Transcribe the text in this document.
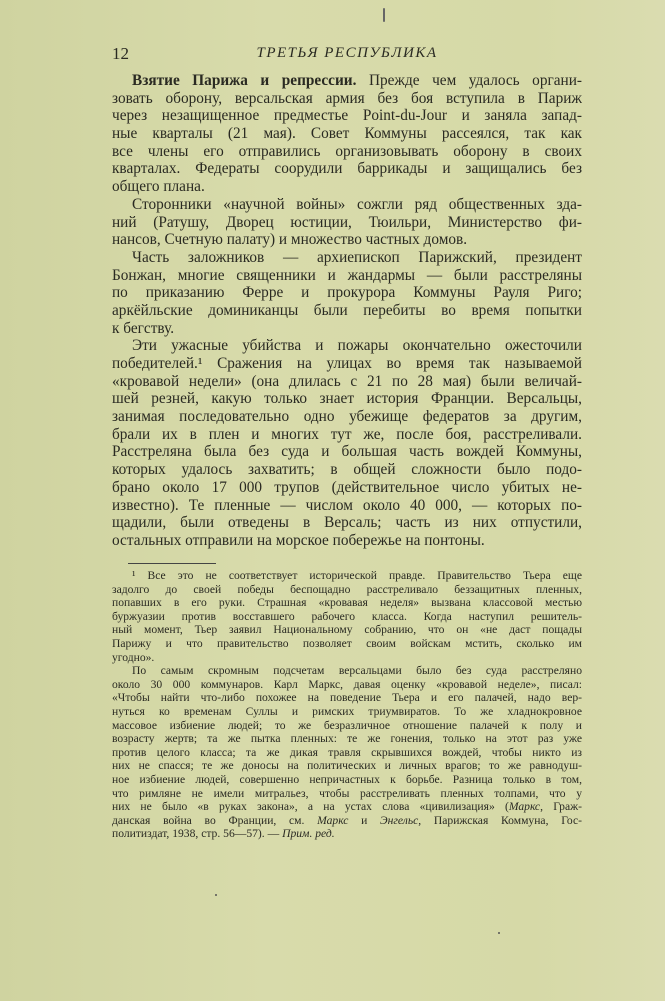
12	ТРЕТЬЯ РЕСПУБЛИКА
Взятие Парижа и репрессии. Прежде чем удалось органи-
зовать оборону, версальская армия без боя вступила в Париж
через незащищенное предместье Point-du-Jour и заняла запад-
ные кварталы (21 мая). Совет Коммуны рассеялся, так как
все члены его отправились организовывать оборону в своих
кварталах. Федераты соорудили баррикады и защищались без
общего плана.
Сторонники «научной войны» сожгли ряд общественных зда-
ний (Ратушу, Дворец юстиции, Тюильри, Министерство фи-
нансов, Счетную палату) и множество частных домов.
Часть заложников — архиепископ Парижский, президент
Бонжан, многие священники и жандармы — были расстреляны
по приказанию Ферре и прокурора Коммуны Рауля Риго;
аркёйльские доминиканцы были перебиты во время попытки
к бегству.
Эти ужасные убийства и пожары окончательно ожесточили
победителей.¹ Сражения на улицах во время так называемой
«кровавой недели» (она длилась с 21 по 28 мая) были величай-
шей резней, какую только знает история Франции. Версальцы,
занимая последовательно одно убежище федератов за другим,
брали их в плен и многих тут же, после боя, расстреливали.
Расстреляна была без суда и большая часть вождей Коммуны,
которых удалось захватить; в общей сложности было подо-
брано около 17 000 трупов (действительное число убитых не-
известно). Те пленные — числом около 40 000, — которых по-
щадили, были отведены в Версаль; часть из них отпустили,
остальных отправили на морское побережье на понтоны.
¹ Все это не соответствует исторической правде. Правительство Тьера еще
задолго до своей победы беспощадно расстреливало беззащитных пленных,
попавших в его руки. Страшная «кровавая неделя» вызвана классовой местью
буржуазии против восставшего рабочего класса. Когда наступил решитель-
ный момент, Тьер заявил Национальному собранию, что он «не даст пощады
Парижу и что правительство позволяет своим войскам мстить, сколько им
угодно».
По самым скромным подсчетам версальцами было без суда расстреляно
около 30 000 коммунаров. Карл Маркс, давая оценку «кровавой неделе», писал:
«Чтобы найти что-либо похожее на поведение Тьера и его палачей, надо вер-
нуться ко временам Суллы и римских триумвиратов. То же хладнокровное
массовое избиение людей; то же безразличное отношение палачей к полу и
возрасту жертв; та же пытка пленных: те же гонения, только на этот раз уже
против целого класса; та же дикая травля скрывшихся вождей, чтобы никто из
них не спасся; те же доносы на политических и личных врагов; то же равнодуш-
ное избиение людей, совершенно непричастных к борьбе. Разница только в том,
что римляне не имели митральез, чтобы расстреливать пленных толпами, что у
них не было «в руках закона», а на устах слова «цивилизация» (Маркс, Граж-
данская война во Франции, см. Маркс и Энгельс, Парижская Коммуна, Гос-
политиздат, 1938, стр. 56—57). — Прим. ред.
